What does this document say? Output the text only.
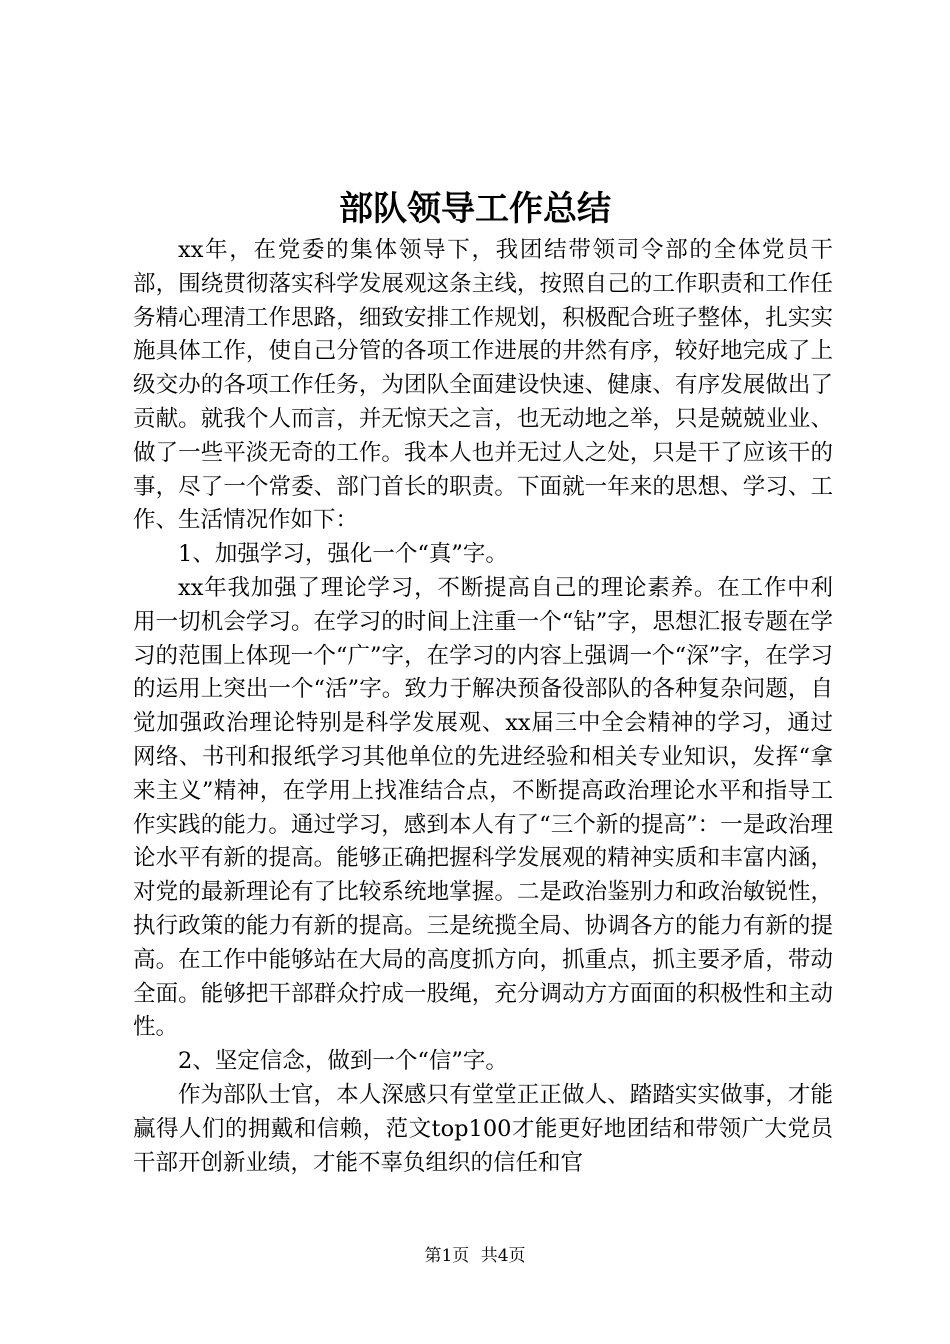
部队领导工作总结

xx年，在党委的集体领导下，我团结带领司令部的全体党员干部，围绕贯彻落实科学发展观这条主线，按照自己的工作职责和工作任务精心理清工作思路，细致安排工作规划，积极配合班子整体，扎实实施具体工作，使自己分管的各项工作进展的井然有序，较好地完成了上级交办的各项工作任务，为团队全面建设快速、健康、有序发展做出了贡献。就我个人而言，并无惊天之言，也无动地之举，只是兢兢业业、做了一些平淡无奇的工作。我本人也并无过人之处，只是干了应该干的事，尽了一个常委、部门首长的职责。下面就一年来的思想、学习、工作、生活情况作如下：

1、加强学习，强化一个“真”字。

xx年我加强了理论学习，不断提高自己的理论素养。在工作中利用一切机会学习。在学习的时间上注重一个“钻”字，思想汇报专题在学习的范围上体现一个“广”字，在学习的内容上强调一个“深”字，在学习的运用上突出一个“活”字。致力于解决预备役部队的各种复杂问题，自觉加强政治理论特别是科学发展观、xx届三中全会精神的学习，通过网络、书刊和报纸学习其他单位的先进经验和相关专业知识，发挥“拿来主义”精神，在学用上找准结合点，不断提高政治理论水平和指导工作实践的能力。通过学习，感到本人有了“三个新的提高”：一是政治理论水平有新的提高。能够正确把握科学发展观的精神实质和丰富内涵，对党的最新理论有了比较系统地掌握。二是政治鉴别力和政治敏锐性，执行政策的能力有新的提高。三是统揽全局、协调各方的能力有新的提高。在工作中能够站在大局的高度抓方向，抓重点，抓主要矛盾，带动全面。能够把干部群众拧成一股绳，充分调动方方面面的积极性和主动性。

2、坚定信念，做到一个“信”字。

作为部队士官，本人深感只有堂堂正正做人、踏踏实实做事，才能赢得人们的拥戴和信赖，范文top100才能更好地团结和带领广大党员干部开创新业绩，才能不辜负组织的信任和官

第1页 共4页
